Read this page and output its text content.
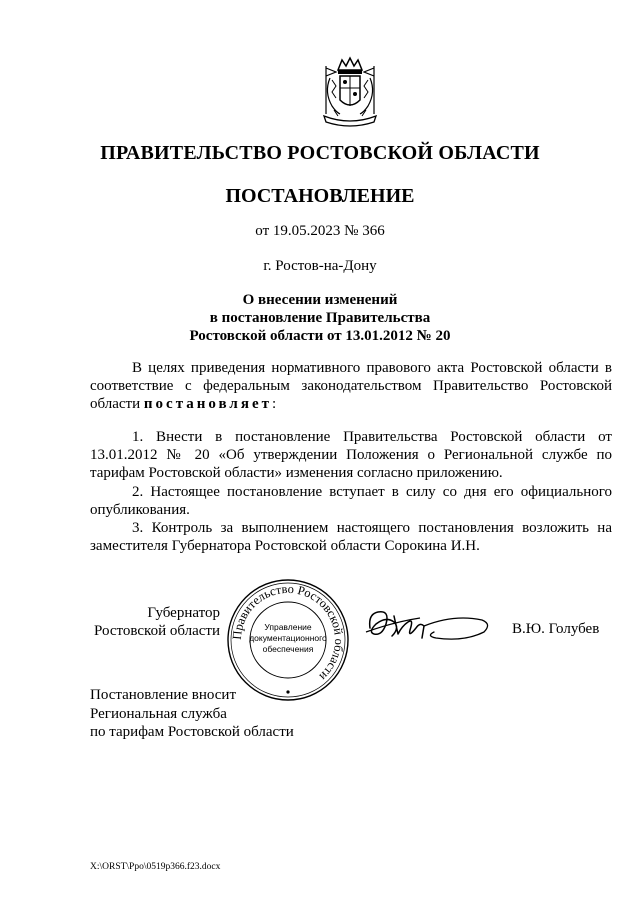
ПРАВИТЕЛЬСТВО РОСТОВСКОЙ ОБЛАСТИ
ПОСТАНОВЛЕНИЕ
от 19.05.2023 № 366
г. Ростов-на-Дону
О внесении изменений
в постановление Правительства
Ростовской области от 13.01.2012 № 20

В целях приведения нормативного правового акта Ростовской области в соответствие с федеральным законодательством Правительство Ростовской области постановляет:

1. Внести в постановление Правительства Ростовской области от 13.01.2012 № 20 «Об утверждении Положения о Региональной службе по тарифам Ростовской области» изменения согласно приложению.

2. Настоящее постановление вступает в силу со дня его официального опубликования.

3. Контроль за выполнением настоящего постановления возложить на заместителя Губернатора Ростовской области Сорокина И.Н.

Губернатор
Ростовской области Правительство Ростовской области
Управление
документационного
обеспечения
В.Ю. Голубев
Постановление вносит
Региональная служба
по тарифам Ростовской области
X:\ORST\Ppo\0519p366.f23.docx
